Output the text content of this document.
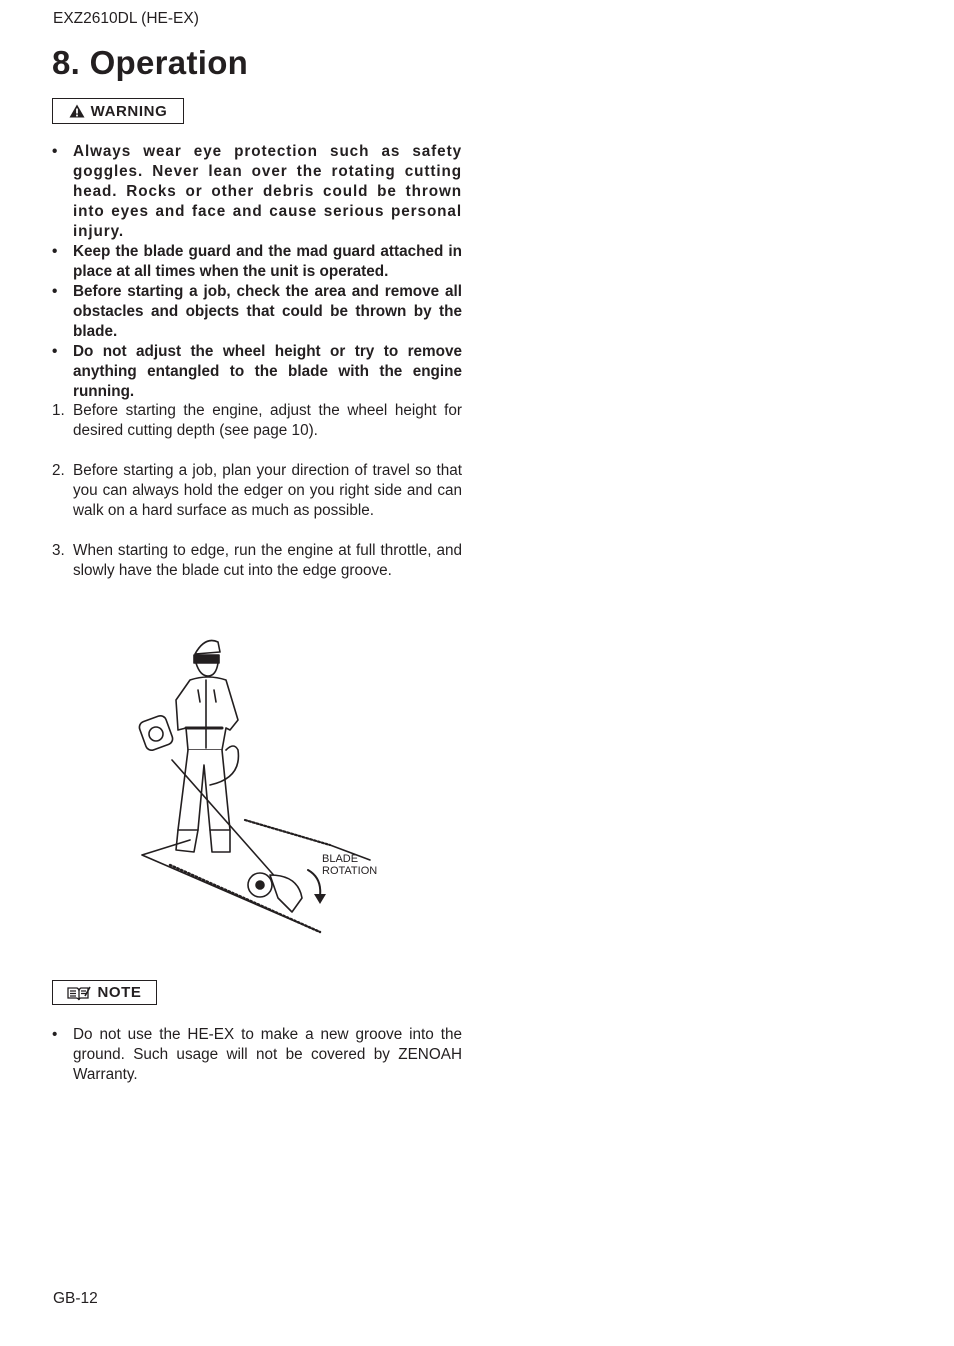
EXZ2610DL (HE-EX)
8. Operation
WARNING
•	Always wear eye protection such as safety goggles. Never lean over the rotating cutting head. Rocks or other debris could be thrown into eyes and face and cause serious personal injury.
•	Keep the blade guard and the mad guard attached in place at all times when the unit is operated.
•	Before starting a job, check the area and remove all obstacles and objects that could be thrown by the blade.
•	Do not adjust the wheel height or try to remove anything entangled to the blade with the engine running.
1. Before starting the engine, adjust the wheel height for desired cutting depth (see page 10).
2. Before starting a job, plan your direction of travel so that you can always hold the edger on you right side and can walk on a hard surface as much as possible.
3. When starting to edge, run the engine at full throttle, and slowly have the blade cut into the edge groove.
BLADE
ROTATION
NOTE
•	Do not use the HE-EX to make a new groove into the ground. Such usage will not be covered by ZENOAH Warranty.
GB-12
